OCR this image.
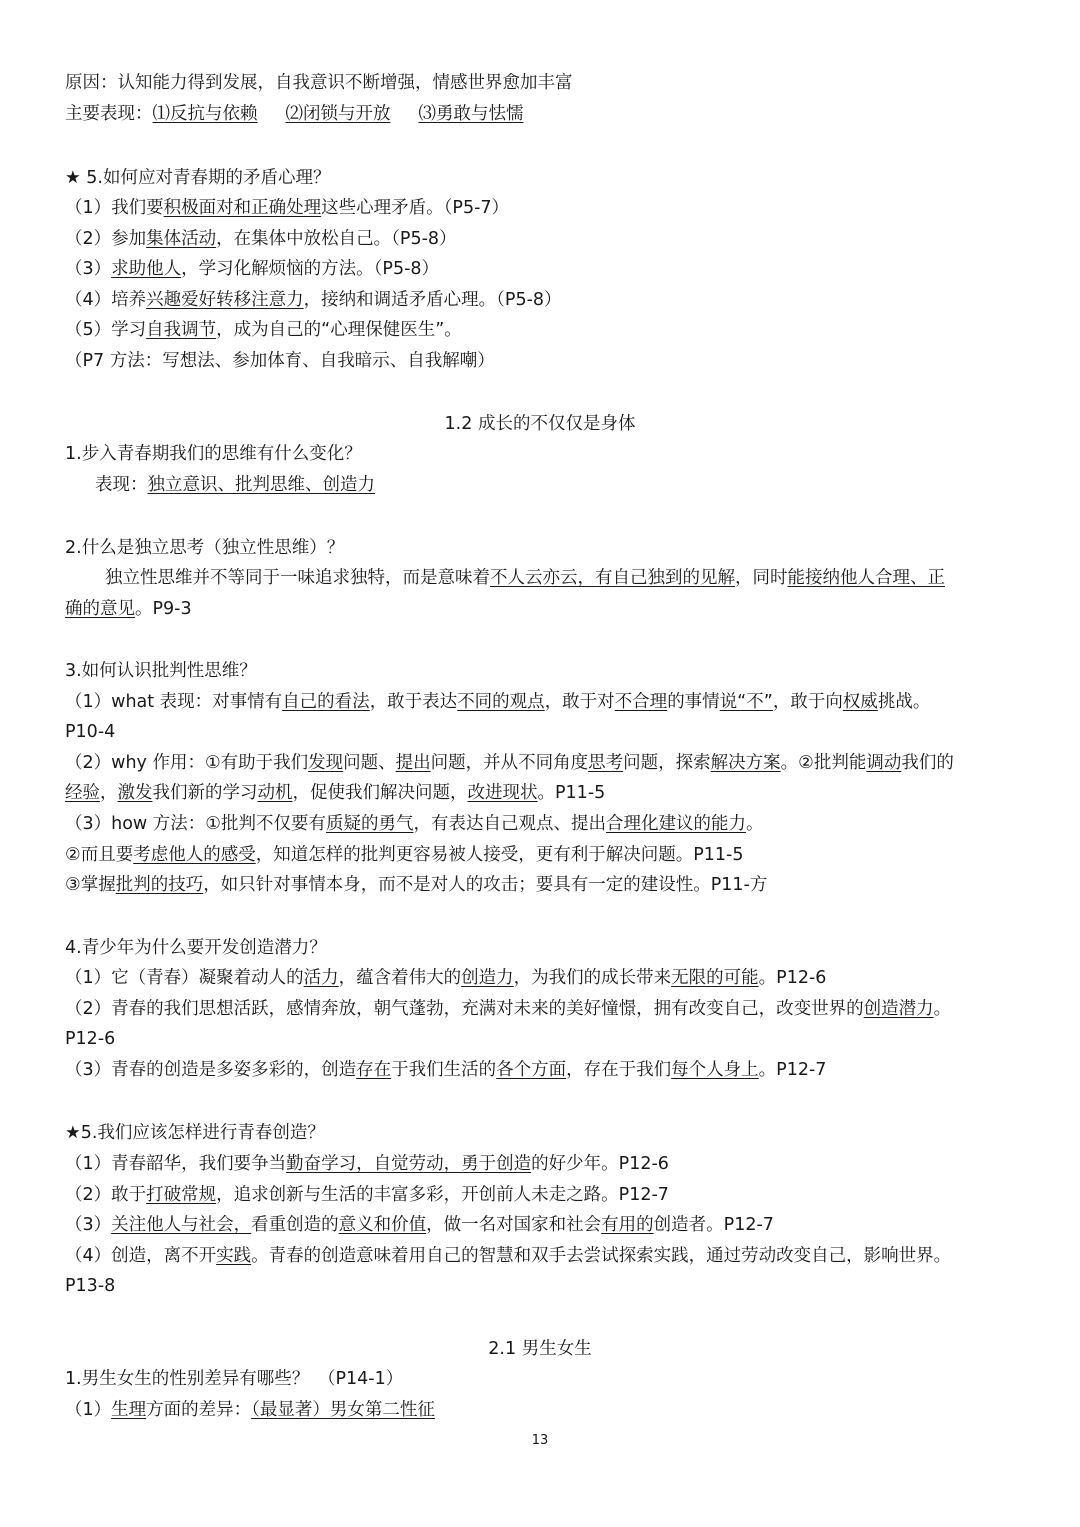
原因：认知能力得到发展，自我意识不断增强，情感世界愈加丰富
主要表现：⑴反抗与依赖 ⑵闭锁与开放 ⑶勇敢与怯懦
★ 5.如何应对青春期的矛盾心理？
（1）我们要积极面对和正确处理这些心理矛盾。（P5-7）
（2）参加集体活动，在集体中放松自己。（P5-8）
（3）求助他人，学习化解烦恼的方法。（P5-8）
（4）培养兴趣爱好转移注意力，接纳和调适矛盾心理。（P5-8）
（5）学习自我调节，成为自己的“心理保健医生”。
（P7 方法：写想法、参加体育、自我暗示、自我解嘲）
1.2 成长的不仅仅是身体
1.步入青春期我们的思维有什么变化？
表现：独立意识、批判思维、创造力
2.什么是独立思考（独立性思维）？
独立性思维并不等同于一味追求独特，而是意味着不人云亦云，有自己独到的见解，同时能接纳他人合理、正
确的意见。P9-3
3.如何认识批判性思维？
（1）what 表现：对事情有自己的看法，敢于表达不同的观点，敢于对不合理的事情说“不”，敢于向权威挑战。
P10-4
（2）why 作用：①有助于我们发现问题、提出问题，并从不同角度思考问题，探索解决方案。②批判能调动我们的
经验，激发我们新的学习动机，促使我们解决问题，改进现状。P11-5
（3）how 方法：①批判不仅要有质疑的勇气，有表达自己观点、提出合理化建议的能力。
②而且要考虑他人的感受，知道怎样的批判更容易被人接受，更有利于解决问题。P11-5
③掌握批判的技巧，如只针对事情本身，而不是对人的攻击；要具有一定的建设性。P11-方
4.青少年为什么要开发创造潜力？
（1）它（青春）凝聚着动人的活力，蕴含着伟大的创造力，为我们的成长带来无限的可能。P12-6
（2）青春的我们思想活跃，感情奔放，朝气蓬勃，充满对未来的美好憧憬，拥有改变自己，改变世界的创造潜力。
P12-6
（3）青春的创造是多姿多彩的，创造存在于我们生活的各个方面，存在于我们每个人身上。P12-7
★5.我们应该怎样进行青春创造？
（1）青春韶华，我们要争当勤奋学习，自觉劳动，勇于创造的好少年。P12-6
（2）敢于打破常规，追求创新与生活的丰富多彩，开创前人未走之路。P12-7
（3）关注他人与社会，看重创造的意义和价值，做一名对国家和社会有用的创造者。P12-7
（4）创造，离不开实践。青春的创造意味着用自己的智慧和双手去尝试探索实践，通过劳动改变自己，影响世界。
P13-8
2.1 男生女生
1.男生女生的性别差异有哪些？　（P14-1）
（1）生理方面的差异：（最显著）男女第二性征
13
